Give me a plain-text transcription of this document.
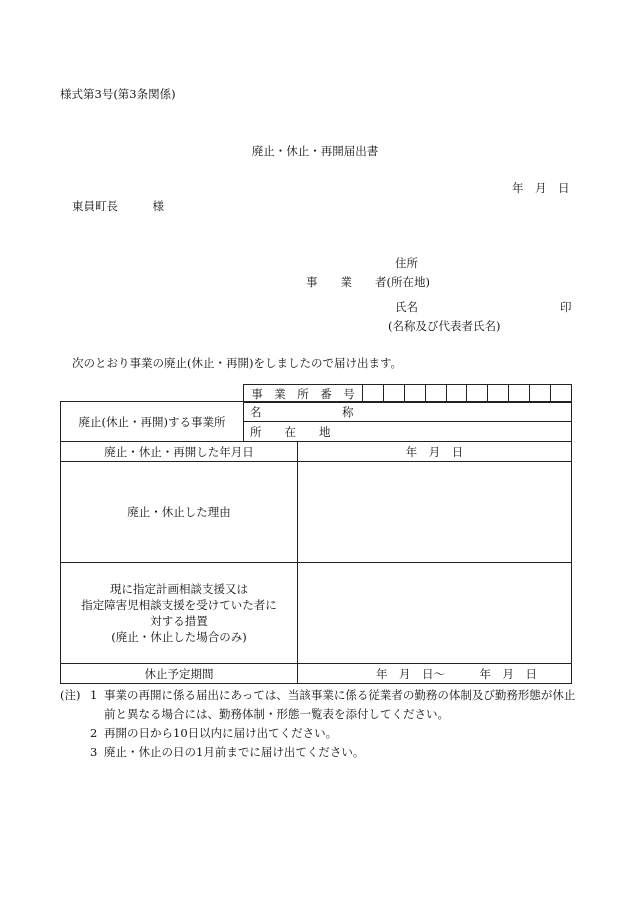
様式第3号(第3条関係)
廃止・休止・再開届出書
年　月　日
東員町長　　　様
住所
事　　業　　者(所在地)
氏名	印
(名称及び代表者氏名)
次のとおり事業の廃止(休止・再開)をしましたので届け出ます。
事　業　所　番　号										
廃止(休止・再開)する事業所	名　　　　　　　称	
	所　　在　　地	
廃止・休止・再開した年月日		年　月　日
廃止・休止した理由		

現に指定計画相談支援又は
指定障害児相談支援を受けていた者に
対する措置
(廃止・休止した場合のみ)		

休止予定期間		年　月　日〜　　　年　月　日
(注) 1 事業の再開に係る届出にあっては、当該事業に係る従業者の勤務の体制及び勤務形態が休止前と異なる場合には、勤務体制・形態一覧表を添付してください。
2 再開の日から10日以内に届け出てください。
3 廃止・休止の日の1月前までに届け出てください。
